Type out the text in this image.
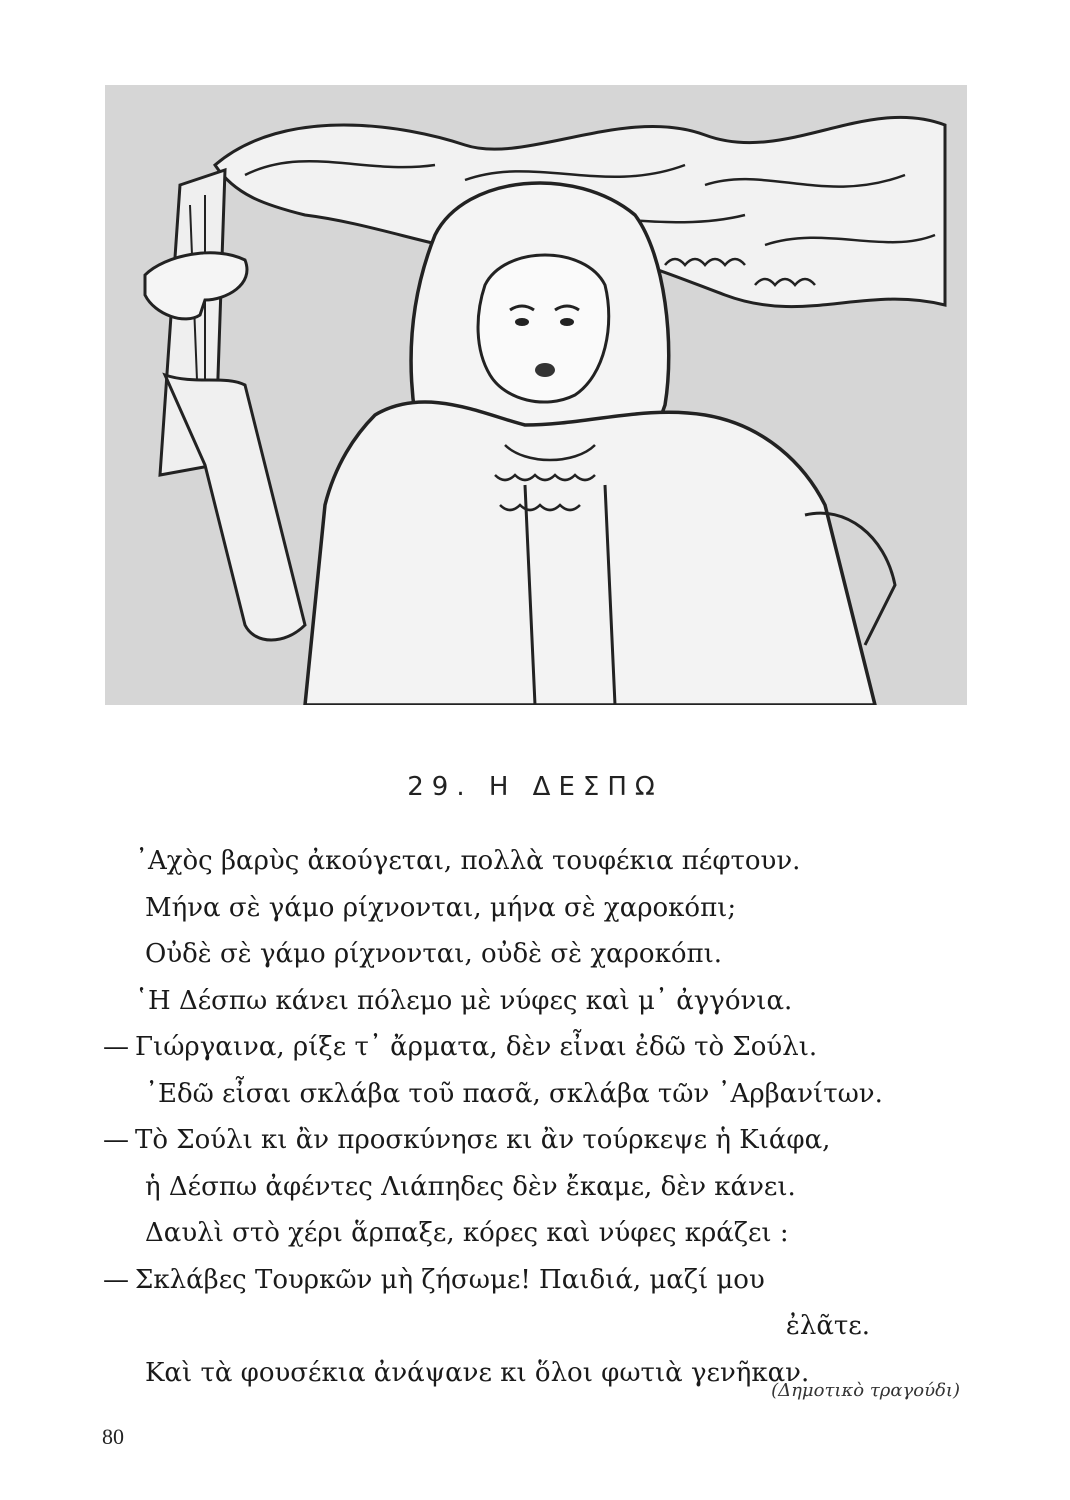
29. Η ΔΕΣΠΩ
᾿Αχὸς βαρὺς ἀκούγεται, πολλὰ τουφέκια πέφτουν.
Μήνα σὲ γάμο ρίχνονται, μήνα σὲ χαροκόπι;
Οὐδὲ σὲ γάμο ρίχνονται, οὐδὲ σὲ χαροκόπι.
῾Η Δέσπω κάνει πόλεμο μὲ νύφες καὶ μ᾿ ἀγγόνια.
— Γιώργαινα, ρίξε τ᾿ ἄρματα, δὲν εἶναι ἐδῶ τὸ Σούλι.
᾿Εδῶ εἶσαι σκλάβα τοῦ πασᾶ, σκλάβα τῶν ᾿Αρβανίτων.
— Τὸ Σούλι κι ἂν προσκύνησε κι ἂν τούρκεψε ἡ Κιάφα,
ἡ Δέσπω ἀφέντες Λιάπηδες δὲν ἔκαμε, δὲν κάνει.
Δαυλὶ στὸ χέρι ἅρπαξε, κόρες καὶ νύφες κράζει :
— Σκλάβες Τουρκῶν μὴ ζήσωμε! Παιδιά, μαζί μου
ἐλᾶτε.
Καὶ τὰ φουσέκια ἀνάψανε κι ὅλοι φωτιὰ γενῆκαν.
(Δημοτικὸ τραγούδι)
80
